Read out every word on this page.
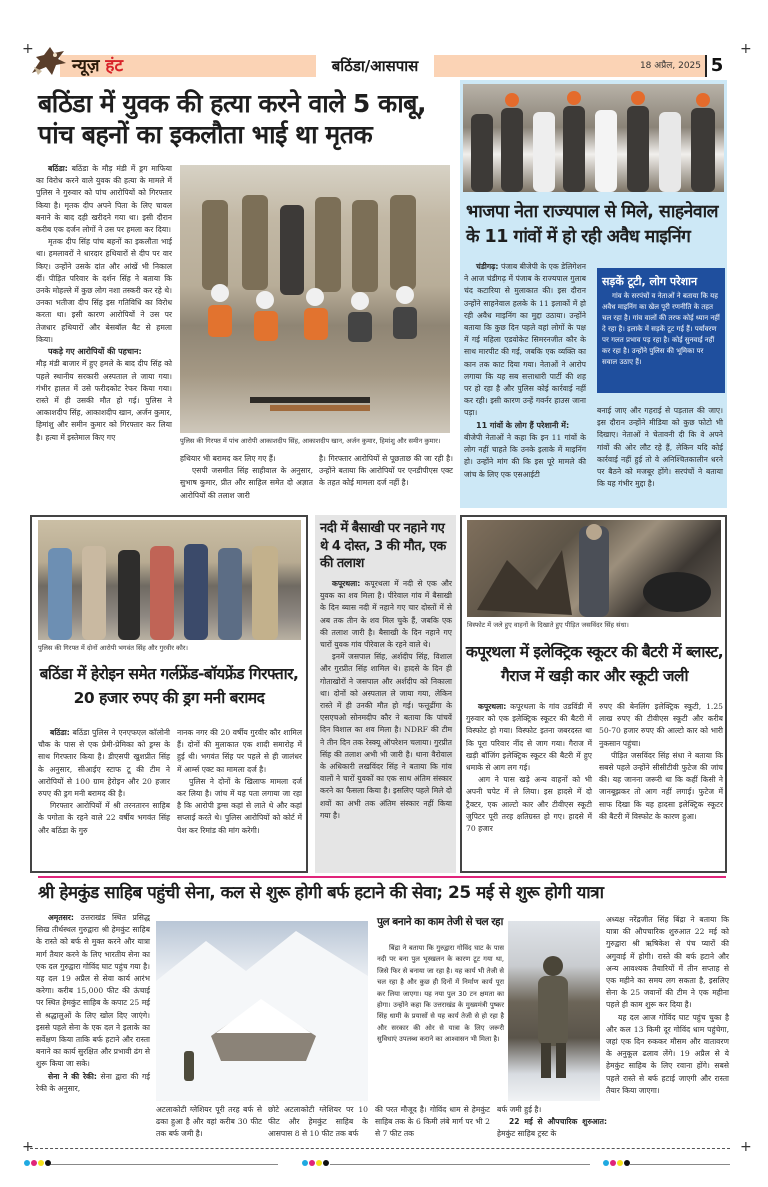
+	+
+	+
न्यूज़ हंट	बठिंडा/आसपास	18 अप्रैल, 2025 5
बठिंडा में युवक की हत्या करने वाले 5 काबू, पांच बहनों का इकलौता भाई था मृतक

बठिंडा: बठिंडा के मौड़ मंडी में ड्रग माफिया का विरोध करने वाले युवक की हत्या के मामले में पुलिस ने गुरुवार को पांच आरोपियों को गिरफ्तार किया है। मृतक दीप अपने पिता के लिए चावल बनाने के बाद दही खरीदने गया था। इसी दौरान करीब एक दर्जन लोगों ने उस पर हमला कर दिया।

मृतक दीप सिंह पांच बहनों का इकलौता भाई था। हमलावरों ने धारदार हथियारों से दीप पर वार किए। उन्होंने उसके दांत और आंखें भी निकाल दीं। पीड़ित परिवार के दर्शन सिंह ने बताया कि उनके मोहल्ले में कुछ लोग नशा तस्करी कर रहे थे। उनका भतीजा दीप सिंह इस गतिविधि का विरोध करता था। इसी कारण आरोपियों ने उस पर तेजधार हथियारों और बेसबॉल बैट से हमला किया।

पकड़े गए आरोपियों की पहचान:
मौड़ मंडी बाजार में हुए हमले के बाद दीप सिंह को पहले स्थानीय सरकारी अस्पताल ले जाया गया। गंभीर हालत में उसे फरीदकोट रेफर किया गया। रास्ते में ही उसकी मौत हो गई। पुलिस ने आकाशदीप सिंह, आकाशदीप खान, अर्जन कुमार, हिमांशु और समीन कुमार को गिरफ्तार कर लिया है। हत्या में इस्तेमाल किए गए	पुलिस की गिरफ्त में पांच आरोपी आकाशदीप सिंह, आकाशदीप खान, अर्जन कुमार, हिमांशु और समीन कुमार।
हथियार भी बरामद कर लिए गए हैं।

एसपी जसमीत सिंह साहीवाल के अनुसार, सुभाष कुमार, प्रीत और साहिल समेत दो अज्ञात आरोपियों की तलाश जारी

है। गिरफ्तार आरोपियों से पूछताछ की जा रही है। उन्होंने बताया कि आरोपियों पर एनडीपीएस एक्ट के तहत कोई मामला दर्ज नहीं है।
भाजपा नेता राज्यपाल से मिले, साहनेवाल के 11 गांवों में हो रही अवैध माइनिंग

चंडीगढ़: पंजाब बीजेपी के एक डेलिगेशन ने आज चंडीगढ़ में पंजाब के राज्यपाल गुलाब चंद कटारिया से मुलाकात की। इस दौरान उन्होंने साहनेवाल हलके के 11 इलाकों में हो रही अवैध माइनिंग का मुद्दा उठाया। उन्होंने बताया कि कुछ दिन पहले वहां लोगों के पक्ष में गई महिला एडवोकेट सिमरनजीत कौर के साथ मारपीट की गई, जबकि एक व्यक्ति का कान तक काट दिया गया। नेताओं ने आरोप लगाया कि यह सब सत्ताधारी पार्टी की शह पर हो रहा है और पुलिस कोई कार्रवाई नहीं कर रही। इसी कारण उन्हें गवर्नर हाउस जाना पड़ा।

11 गांवों के लोग हैं परेशानी में:
बीजेपी नेताओं ने कहा कि इन 11 गांवों के लोग नहीं चाहते कि उनके इलाके में माइनिंग हो। उन्होंने मांग की कि इस पूरे मामले की जांच के लिए एक एसआईटी
सड़कें टूटी, लोग परेशान
गांव के सरपंचों व नेताओं ने बताया कि यह अवैध माइनिंग का खेल पूरी रणनीति के तहत चल रहा है। गांव वालों की तरफ कोई ध्यान नहीं दे रहा है। इलाके में सड़कें टूट गई हैं। पर्यावरण पर गलत प्रभाव पड़ रहा है। कोई सुनवाई नहीं कर रहा है। उन्होंने पुलिस की भूमिका पर सवाल उठाए हैं।
बनाई जाए और गहराई से पड़ताल की जाए। इस दौरान उन्होंने मीडिया को कुछ फोटो भी दिखाए। नेताओं ने चेतावनी दी कि वे अपने गांवों की ओर लौट रहे हैं, लेकिन यदि कोई कार्रवाई नहीं हुई तो वे अनिश्चितकालीन धरने पर बैठने को मजबूर होंगे। सरपंचों ने बताया कि यह गंभीर मुद्दा है।
पुलिस की गिरफ्त में दोनों आरोपी भगवंत सिंह और गुरवीर कौर।
बठिंडा में हेरोइन समेत गर्लफ्रेंड-बॉयफ्रेंड गिरफ्तार, 20 हजार रुपए की ड्रग मनी बरामद

बठिंडा: बठिंडा पुलिस ने एनएफएल कॉलोनी चौक के पास से एक प्रेमी-प्रेमिका को ड्रग्स के साथ गिरफ्तार किया है। डीएसपी खुशप्रीत सिंह के अनुसार, सीआईए स्टाफ टू की टीम ने आरोपियों से 100 ग्राम हेरोइन और 20 हजार रुपए की ड्रग मनी बरामद की है।

गिरफ्तार आरोपियों में श्री तरनतारन साहिब के पगोता के रहने वाले 22 वर्षीय भगवंत सिंह और बठिंडा के गुरु

नानक नगर की 20 वर्षीय गुरवीर कौर शामिल हैं। दोनों की मुलाकात एक शादी समारोह में हुई थी। भगवंत सिंह पर पहले से ही जालंधर में आर्म्स एक्ट का मामला दर्ज है।

पुलिस ने दोनों के खिलाफ मामला दर्ज कर लिया है। जांच में यह पता लगाया जा रहा है कि आरोपी ड्रग्स कहां से लाते थे और कहां सप्लाई करते थे। पुलिस आरोपियों को कोर्ट में पेश कर रिमांड की मांग करेगी।

नदी में बैसाखी पर नहाने गए थे 4 दोस्त, 3 की मौत, एक की तलाश

कपूरथला: कपूरथला में नदी से एक और युवक का शव मिला है। पीरेवाल गांव में बैसाखी के दिन ब्यास नदी में नहाने गए चार दोस्तों में से अब तक तीन के शव मिल चुके हैं, जबकि एक की तलाश जारी है। बैसाखी के दिन नहाने गए चारों युवक गांव पीरेवाल के रहने वाले थे।

इनमें जसपाल सिंह, अर्शदीप सिंह, विशाल और गुरप्रीत सिंह शामिल थे। हादसे के दिन ही गोताखोरों ने जसपाल और अर्शदीप को निकाला था। दोनों को अस्पताल ले जाया गया, लेकिन रास्ते में ही उनकी मौत हो गई। फत्तूढींगा के एसएचओ सोनमदीप कौर ने बताया कि पांचवें दिन विशाल का शव मिला है। NDRF की टीम ने तीन दिन तक रेस्क्यू ऑपरेशन चलाया। गुरप्रीत सिंह की तलाश अभी भी जारी है। थाना वैरोवाल के अधिकारी लखविंदर सिंह ने बताया कि गांव वालों ने चारों युवकों का एक साथ अंतिम संस्कार करने का फैसला किया है। इसलिए पहले मिले दो शवों का अभी तक अंतिम संस्कार नहीं किया गया है।

विस्फोट में जले हुए वाहनों के दिखाते हुए पीड़ित जसविंदर सिंह संधा।
कपूरथला में इलेक्ट्रिक स्कूटर की बैटरी में ब्लास्ट, गैराज में खड़ी कार और स्कूटी जली

कपूरथला: कपूरथला के गांव उडविंडी में गुरुवार को एक इलेक्ट्रिक स्कूटर की बैटरी में विस्फोट हो गया। विस्फोट इतना जबरदस्त था कि पूरा परिवार नींद से जाग गया। गैराज में खड़ी बॉजिंग इलेक्ट्रिक स्कूटर की बैटरी में हुए धमाके से आग लग गई।

आग ने पास खड़े अन्य वाहनों को भी अपनी चपेट में ले लिया। इस हादसे में दो ट्रैक्टर, एक आल्टो कार और टीवीएस स्कूटी जुपिटर पूरी तरह क्षतिग्रस्त हो गए। हादसे में 70 हजार

रुपए की बेनलिंग इलेक्ट्रिक स्कूटी, 1.25 लाख रुपए की टीवीएस स्कूटी और करीब 50-70 हजार रुपए की आल्टो कार को भारी नुकसान पहुंचा।

पीड़ित जसविंदर सिंह संधा ने बताया कि सबसे पहले उन्होंने सीसीटीवी फुटेज की जांच की। यह जानना जरूरी था कि कहीं किसी ने जानबूझकर तो आग नहीं लगाई। फुटेज में साफ दिखा कि यह हादसा इलेक्ट्रिक स्कूटर की बैटरी में विस्फोट के कारण हुआ।

श्री हेमकुंड साहिब पहुंची सेना, कल से शुरू होगी बर्फ हटाने की सेवा; 25 मई से शुरू होगी यात्रा

अमृतसर: उत्तराखंड स्थित प्रसिद्ध सिख तीर्थस्थल गुरुद्वारा श्री हेमकुंट साहिब के रास्ते को बर्फ से मुक्त करने और यात्रा मार्ग तैयार करने के लिए भारतीय सेना का एक दल गुरुद्वारा गोविंद घाट पहुंच गया है। यह दल 19 अप्रैल से सेवा कार्य आरंभ करेगा। करीब 15,000 फीट की ऊंचाई पर स्थित हेमकुंट साहिब के कपाट 25 मई से श्रद्धालुओं के लिए खोल दिए जाएंगे। इससे पहले सेना के एक दल ने इलाके का सर्वेक्षण किया ताकि बर्फ हटाने और रास्ता बनाने का कार्य सुरक्षित और प्रभावी ढंग से शुरू किया जा सके।

सेना ने की रेकी: सेना द्वारा की गई रेकी के अनुसार,

पुल बनाने का काम तेजी से चल रहा
बिंद्रा ने बताया कि गुरुद्वारा गोविंद घाट के पास नदी पर बना पुल भूस्खलन के कारण टूट गया था, जिसे फिर से बनाया जा रहा है। यह कार्य भी तेजी से चल रहा है और कुछ ही दिनों में निर्माण कार्य पूरा कर लिया जाएगा। यह नया पुल 30 टन क्षमता का होगा। उन्होंने कहा कि उत्तराखंड के मुख्यमंत्री पुष्कर सिंह धामी के प्रयासों से यह कार्य तेजी से हो रहा है और सरकार की ओर से यात्रा के लिए जरूरी सुविधाएं उपलब्ध कराने का आश्वासन भी मिला है।
अध्यक्ष नरेंद्रजीत सिंह बिंद्रा ने बताया कि यात्रा की औपचारिक शुरुआत 22 मई को गुरुद्वारा श्री ऋषिकेश से पंच प्यारों की अगुवाई में होगी। रास्ते की बर्फ हटाने और अन्य आवश्यक तैयारियों में तीन सप्ताह से एक महीने का समय लग सकता है, इसलिए सेना के 25 जवानों की टीम ने एक महीना पहले ही काम शुरू कर दिया है।

यह दल आज गोविंद घाट पहुंच चुका है और कल 13 किमी दूर गोविंद धाम पहुंचेगा, जहां एक दिन रुककर मौसम और वातावरण के अनुकूल ढलाव लेंगे। 19 अप्रैल से ये हेमकुंट साहिब के लिए रवाना होंगे। सबसे पहले रास्ते से बर्फ हटाई जाएगी और रास्ता तैयार किया जाएगा।

अटलाकोटी ग्लेशियर पूरी तरह बर्फ से ढका हुआ है और वहां करीब 30 फीट तक बर्फ जमी है।
छोटे अटलाकोटी ग्लेशियर पर 10 फीट और हेमकुंट साहिब के आसपास 8 से 10 फीट तक बर्फ
की परत मौजूद है। गोविंद धाम से हेमकुंट साहिब तक के 6 किमी लंबे मार्ग पर भी 2 से 7 फीट तक
बर्फ जमी हुई है।

22 मई से औपचारिक शुरुआत: हेमकुंट साहिब ट्रस्ट के
